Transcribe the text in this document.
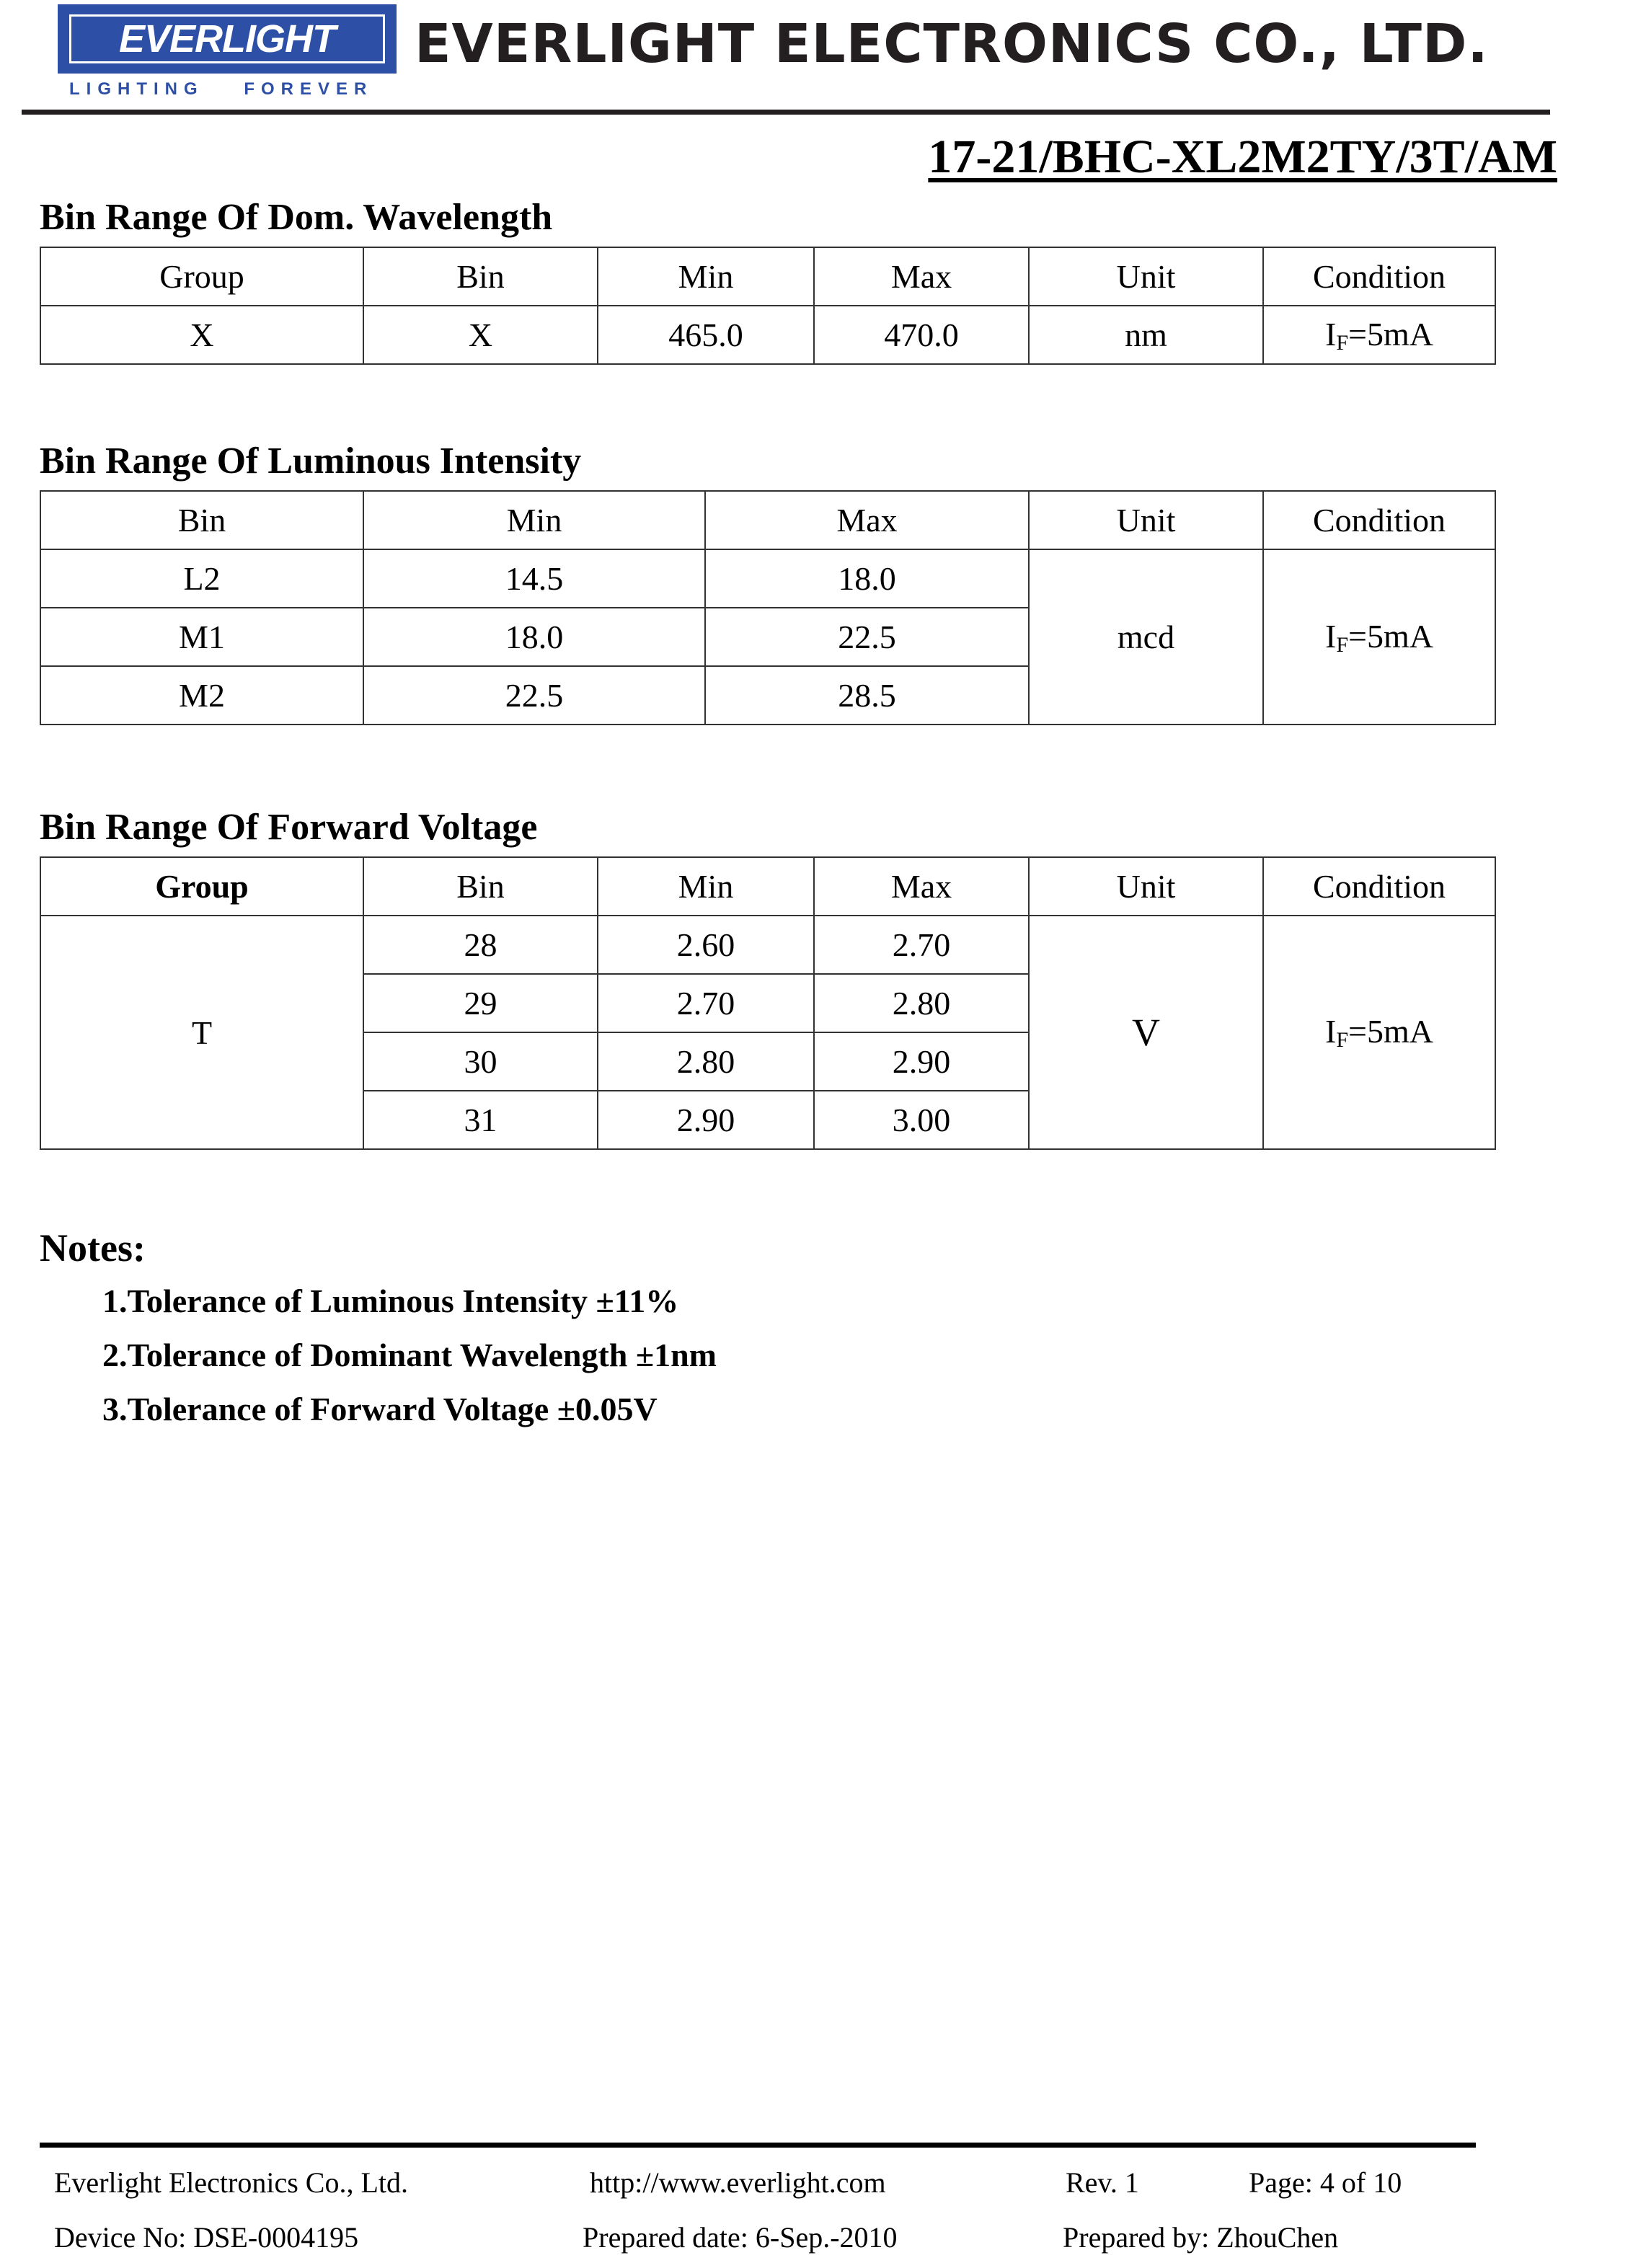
EVERLIGHT
LIGHTING FOREVER
EVERLIGHT ELECTRONICS CO., LTD.
17-21/BHC-XL2M2TY/3T/AM
Bin Range Of Dom. Wavelength
Group	Bin	Min	Max	Unit	Condition
X	X	465.0	470.0	nm	$I_F=5mA$
Bin Range Of Luminous Intensity
Bin	Min	Max	Unit	Condition
L2	14.5	18.0	mcd	$I_F=5mA$
M1	18.0	22.5		
M2	22.5	28.5		
Bin Range Of Forward Voltage
Group	Bin	Min	Max	Unit	Condition
T	28	2.60	2.70	V	$I_F=5mA$
	29	2.70	2.80		
	30	2.80	2.90		
	31	2.90	3.00		
Notes:
1.Tolerance of Luminous Intensity ±11%
2.Tolerance of Dominant Wavelength ±1nm
3.Tolerance of Forward Voltage ±0.05V
Everlight Electronics Co., Ltd.	http://www.everlight.com	Rev. 1	Page: 4 of 10
Device No: DSE-0004195	Prepared date: 6-Sep.-2010	Prepared by: ZhouChen
